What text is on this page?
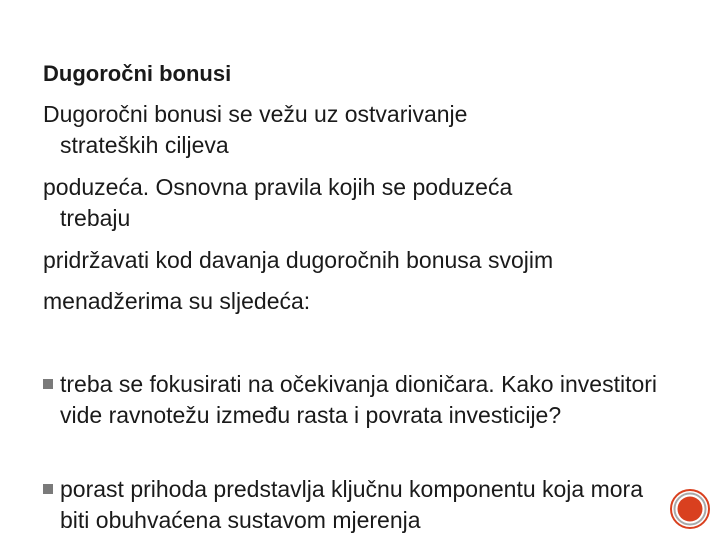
Dugoročni bonusi
Dugoročni bonusi se vežu uz ostvarivanje
strateških ciljeva
poduzeća. Osnovna pravila kojih se poduzeća
trebaju
pridržavati kod davanja dugoročnih bonusa svojim
menadžerima su sljedeća:
treba se fokusirati na očekivanja dioničara. Kako investitori vide ravnotežu između rasta i povrata investicije?
porast prihoda predstavlja ključnu komponentu koja mora biti obuhvaćena sustavom mjerenja
